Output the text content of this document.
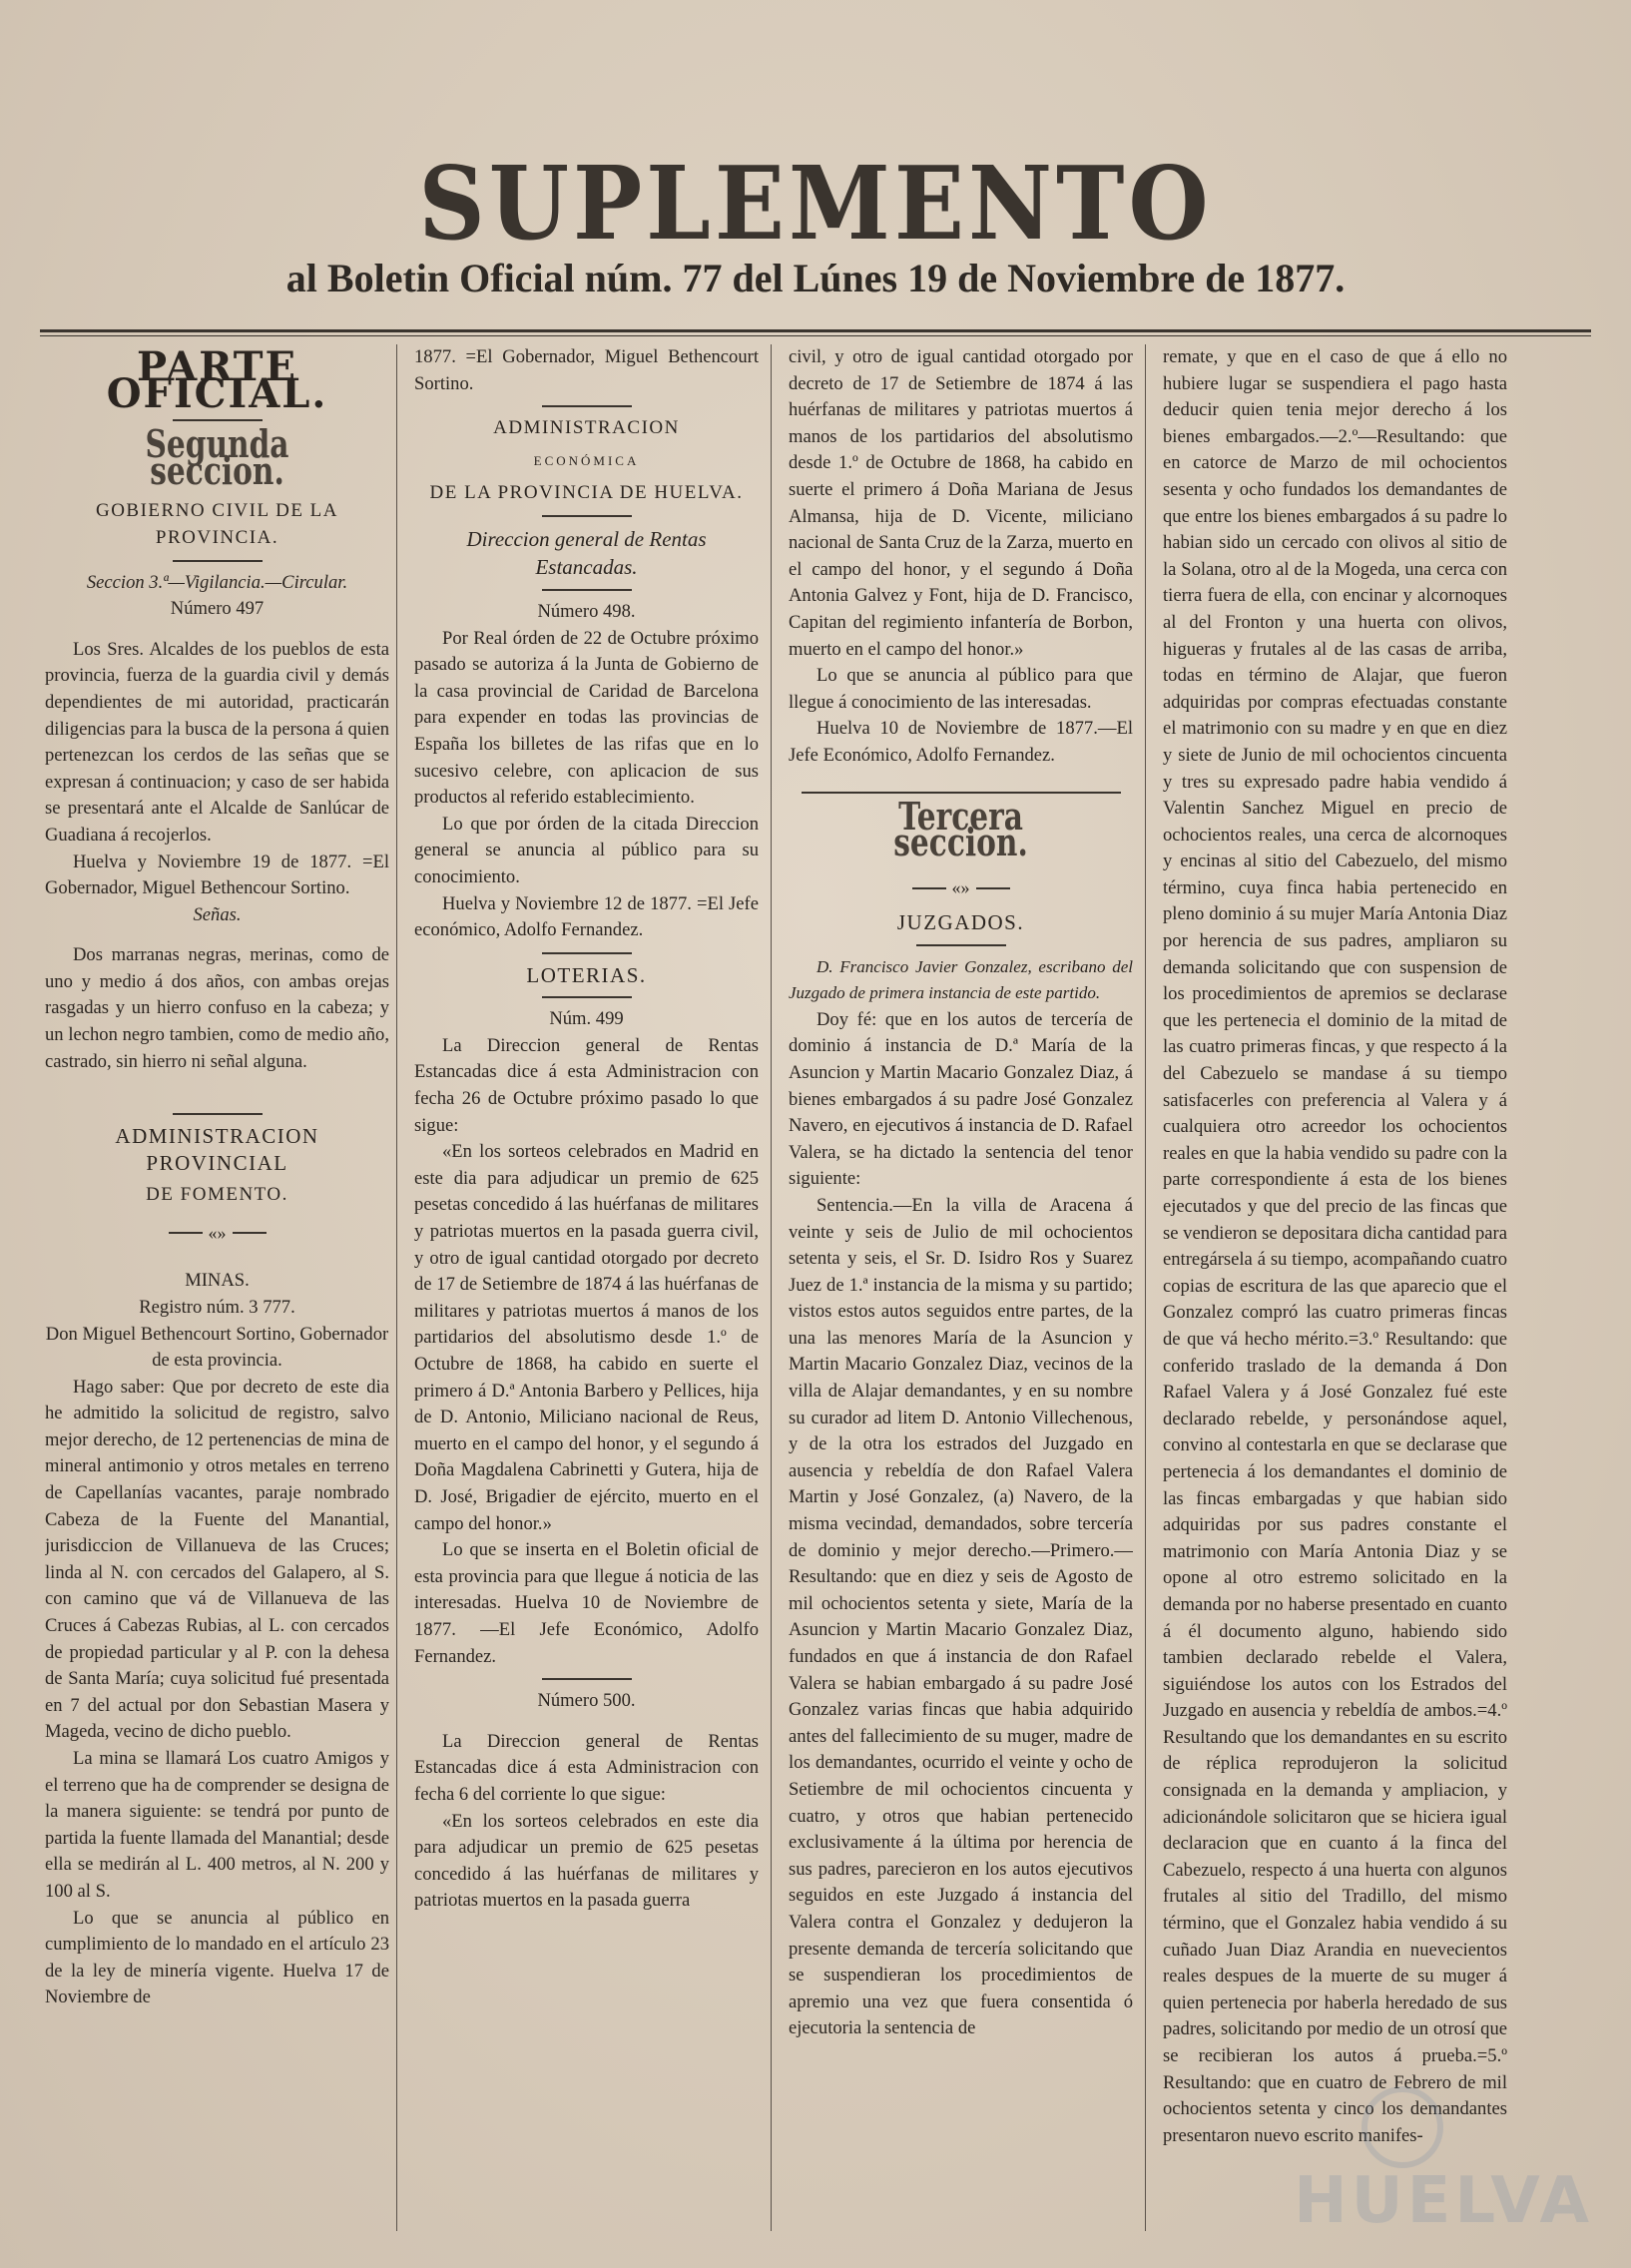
SUPLEMENTO
al Boletin Oficial núm. 77 del Lúnes 19 de Noviembre de 1877.
PARTE OFICIAL.
Segunda seccion.
GOBIERNO CIVIL DE LA PROVINCIA.

Seccion 3.ª—Vigilancia.—Circular.

Número 497

Los Sres. Alcaldes de los pueblos de esta provincia, fuerza de la guardia civil y demás dependientes de mi autoridad, practicarán diligencias para la busca de la persona á quien pertenezcan los cerdos de las señas que se expresan á continuacion; y caso de ser habida se presentará ante el Alcalde de Sanlúcar de Guadiana á recojerlos.

Huelva y Noviembre 19 de 1877. =El Gobernador, Miguel Bethencour Sortino.

Señas.

Dos marranas negras, merinas, como de uno y medio á dos años, con ambas orejas rasgadas y un hierro confuso en la cabeza; y un lechon negro tambien, como de medio año, castrado, sin hierro ni señal alguna.

ADMINISTRACION PROVINCIAL
DE FOMENTO.
«»

MINAS.

Registro núm. 3 777.

Don Miguel Bethencourt Sortino, Gobernador de esta provincia.

Hago saber: Que por decreto de este dia he admitido la solicitud de registro, salvo mejor derecho, de 12 pertenencias de mina de mineral antimonio y otros metales en terreno de Capellanías vacantes, paraje nombrado Cabeza de la Fuente del Manantial, jurisdiccion de Villanueva de las Cruces; linda al N. con cercados del Galapero, al S. con camino que vá de Villanueva de las Cruces á Cabezas Rubias, al L. con cercados de propiedad particular y al P. con la dehesa de Santa María; cuya solicitud fué presentada en 7 del actual por don Sebastian Masera y Mageda, vecino de dicho pueblo.

La mina se llamará Los cuatro Amigos y el terreno que ha de comprender se designa de la manera siguiente: se tendrá por punto de partida la fuente llamada del Manantial; desde ella se medirán al L. 400 metros, al N. 200 y 100 al S.

Lo que se anuncia al público en cumplimiento de lo mandado en el artículo 23 de la ley de minería vigente. Huelva 17 de Noviembre de

1877. =El Gobernador, Miguel Bethencourt Sortino.

ADMINISTRACION
ECONÓMICA
DE LA PROVINCIA DE HUELVA.
Direccion general de Rentas Estancadas.

Número 498.

Por Real órden de 22 de Octubre próximo pasado se autoriza á la Junta de Gobierno de la casa provincial de Caridad de Barcelona para expender en todas las provincias de España los billetes de las rifas que en lo sucesivo celebre, con aplicacion de sus productos al referido establecimiento.

Lo que por órden de la citada Direccion general se anuncia al público para su conocimiento.

Huelva y Noviembre 12 de 1877. =El Jefe económico, Adolfo Fernandez.

LOTERIAS.

Núm. 499

La Direccion general de Rentas Estancadas dice á esta Administracion con fecha 26 de Octubre próximo pasado lo que sigue:

«En los sorteos celebrados en Madrid en este dia para adjudicar un premio de 625 pesetas concedido á las huérfanas de militares y patriotas muertos en la pasada guerra civil, y otro de igual cantidad otorgado por decreto de 17 de Setiembre de 1874 á las huérfanas de militares y patriotas muertos á manos de los partidarios del absolutismo desde 1.º de Octubre de 1868, ha cabido en suerte el primero á D.ª Antonia Barbero y Pellices, hija de D. Antonio, Miliciano nacional de Reus, muerto en el campo del honor, y el segundo á Doña Magdalena Cabrinetti y Gutera, hija de D. José, Brigadier de ejército, muerto en el campo del honor.»

Lo que se inserta en el Boletin oficial de esta provincia para que llegue á noticia de las interesadas. Huelva 10 de Noviembre de 1877. —El Jefe Económico, Adolfo Fernandez.

Número 500.

La Direccion general de Rentas Estancadas dice á esta Administracion con fecha 6 del corriente lo que sigue:

«En los sorteos celebrados en este dia para adjudicar un premio de 625 pesetas concedido á las huérfanas de militares y patriotas muertos en la pasada guerra

civil, y otro de igual cantidad otorgado por decreto de 17 de Setiembre de 1874 á las huérfanas de militares y patriotas muertos á manos de los partidarios del absolutismo desde 1.º de Octubre de 1868, ha cabido en suerte el primero á Doña Mariana de Jesus Almansa, hija de D. Vicente, miliciano nacional de Santa Cruz de la Zarza, muerto en el campo del honor, y el segundo á Doña Antonia Galvez y Font, hija de D. Francisco, Capitan del regimiento infantería de Borbon, muerto en el campo del honor.»

Lo que se anuncia al público para que llegue á conocimiento de las interesadas.

Huelva 10 de Noviembre de 1877.—El Jefe Económico, Adolfo Fernandez.

Tercera seccion.
«»
JUZGADOS.

D. Francisco Javier Gonzalez, escribano del Juzgado de primera instancia de este partido.

Doy fé: que en los autos de tercería de dominio á instancia de D.ª María de la Asuncion y Martin Macario Gonzalez Diaz, á bienes embargados á su padre José Gonzalez Navero, en ejecutivos á instancia de D. Rafael Valera, se ha dictado la sentencia del tenor siguiente:

Sentencia.—En la villa de Aracena á veinte y seis de Julio de mil ochocientos setenta y seis, el Sr. D. Isidro Ros y Suarez Juez de 1.ª instancia de la misma y su partido; vistos estos autos seguidos entre partes, de la una las menores María de la Asuncion y Martin Macario Gonzalez Diaz, vecinos de la villa de Alajar demandantes, y en su nombre su curador ad litem D. Antonio Villechenous, y de la otra los estrados del Juzgado en ausencia y rebeldía de don Rafael Valera Martin y José Gonzalez, (a) Navero, de la misma vecindad, demandados, sobre tercería de dominio y mejor derecho.—Primero.—Resultando: que en diez y seis de Agosto de mil ochocientos setenta y siete, María de la Asuncion y Martin Macario Gonzalez Diaz, fundados en que á instancia de don Rafael Valera se habian embargado á su padre José Gonzalez varias fincas que habia adquirido antes del fallecimiento de su muger, madre de los demandantes, ocurrido el veinte y ocho de Setiembre de mil ochocientos cincuenta y cuatro, y otros que habian pertenecido exclusivamente á la última por herencia de sus padres, parecieron en los autos ejecutivos seguidos en este Juzgado á instancia del Valera contra el Gonzalez y dedujeron la presente demanda de tercería solicitando que se suspendieran los procedimientos de apremio una vez que fuera consentida ó ejecutoria la sentencia de

remate, y que en el caso de que á ello no hubiere lugar se suspendiera el pago hasta deducir quien tenia mejor derecho á los bienes embargados.—2.º—Resultando: que en catorce de Marzo de mil ochocientos sesenta y ocho fundados los demandantes de que entre los bienes embargados á su padre lo habian sido un cercado con olivos al sitio de la Solana, otro al de la Mogeda, una cerca con tierra fuera de ella, con encinar y alcornoques al del Fronton y una huerta con olivos, higueras y frutales al de las casas de arriba, todas en término de Alajar, que fueron adquiridas por compras efectuadas constante el matrimonio con su madre y en que en diez y siete de Junio de mil ochocientos cincuenta y tres su expresado padre habia vendido á Valentin Sanchez Miguel en precio de ochocientos reales, una cerca de alcornoques y encinas al sitio del Cabezuelo, del mismo término, cuya finca habia pertenecido en pleno dominio á su mujer María Antonia Diaz por herencia de sus padres, ampliaron su demanda solicitando que con suspension de los procedimientos de apremios se declarase que les pertenecia el dominio de la mitad de las cuatro primeras fincas, y que respecto á la del Cabezuelo se mandase á su tiempo satisfacerles con preferencia al Valera y á cualquiera otro acreedor los ochocientos reales en que la habia vendido su padre con la parte correspondiente á esta de los bienes ejecutados y que del precio de las fincas que se vendieron se depositara dicha cantidad para entregársela á su tiempo, acompañando cuatro copias de escritura de las que aparecio que el Gonzalez compró las cuatro primeras fincas de que vá hecho mérito.=3.º Resultando: que conferido traslado de la demanda á Don Rafael Valera y á José Gonzalez fué este declarado rebelde, y personándose aquel, convino al contestarla en que se declarase que pertenecia á los demandantes el dominio de las fincas embargadas y que habian sido adquiridas por sus padres constante el matrimonio con María Antonia Diaz y se opone al otro estremo solicitado en la demanda por no haberse presentado en cuanto á él documento alguno, habiendo sido tambien declarado rebelde el Valera, siguiéndose los autos con los Estrados del Juzgado en ausencia y rebeldía de ambos.=4.º Resultando que los demandantes en su escrito de réplica reprodujeron la solicitud consignada en la demanda y ampliacion, y adicionándole solicitaron que se hiciera igual declaracion que en cuanto á la finca del Cabezuelo, respecto á una huerta con algunos frutales al sitio del Tradillo, del mismo término, que el Gonzalez habia vendido á su cuñado Juan Diaz Arandia en nuevecientos reales despues de la muerte de su muger á quien pertenecia por haberla heredado de sus padres, solicitando por medio de un otrosí que se recibieran los autos á prueba.=5.º Resultando: que en cuatro de Febrero de mil ochocientos setenta y cinco los demandantes presentaron nuevo escrito manifes-

HUELVA
